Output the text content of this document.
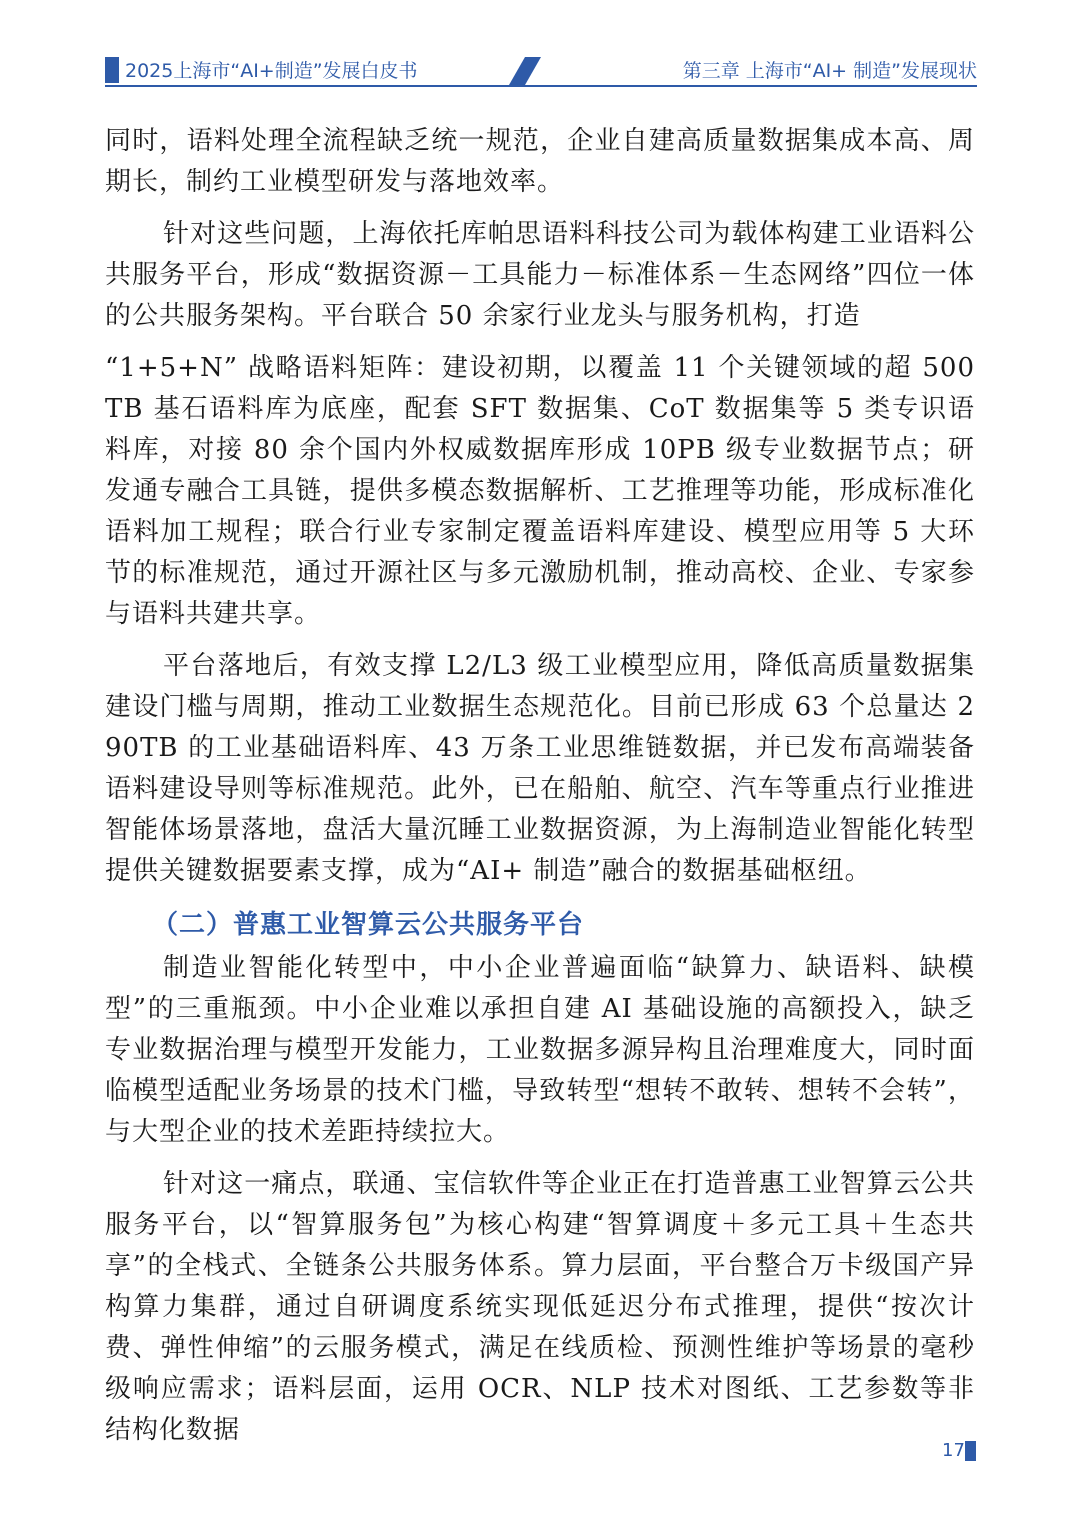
2025上海市“AI+制造”发展白皮书	第三章 上海市“AI+ 制造”发展现状

同时，语料处理全流程缺乏统一规范，企业自建高质量数据集成本高、周期长，制约工业模型研发与落地效率。

针对这些问题，上海依托库帕思语料科技公司为载体构建工业语料公共服务平台，形成“数据资源－工具能力－标准体系－生态网络”四位一体的公共服务架构。平台联合 50 余家行业龙头与服务机构，打造

“1+5+N” 战略语料矩阵：建设初期，以覆盖 11 个关键领域的超 500TB 基石语料库为底座，配套 SFT 数据集、CoT 数据集等 5 类专识语料库，对接 80 余个国内外权威数据库形成 10PB 级专业数据节点；研发通专融合工具链，提供多模态数据解析、工艺推理等功能，形成标准化语料加工规程；联合行业专家制定覆盖语料库建设、模型应用等 5 大环节的标准规范，通过开源社区与多元激励机制，推动高校、企业、专家参与语料共建共享。

平台落地后，有效支撑 L2/L3 级工业模型应用，降低高质量数据集建设门槛与周期，推动工业数据生态规范化。目前已形成 63 个总量达 290TB 的工业基础语料库、43 万条工业思维链数据，并已发布高端装备语料建设导则等标准规范。此外，已在船舶、航空、汽车等重点行业推进智能体场景落地，盘活大量沉睡工业数据资源，为上海制造业智能化转型提供关键数据要素支撑，成为“AI+ 制造”融合的数据基础枢纽。

（二）普惠工业智算云公共服务平台

制造业智能化转型中，中小企业普遍面临“缺算力、缺语料、缺模型”的三重瓶颈。中小企业难以承担自建 AI 基础设施的高额投入，缺乏专业数据治理与模型开发能力，工业数据多源异构且治理难度大，同时面临模型适配业务场景的技术门槛，导致转型“想转不敢转、想转不会转”，与大型企业的技术差距持续拉大。

针对这一痛点，联通、宝信软件等企业正在打造普惠工业智算云公共服务平台，以“智算服务包”为核心构建“智算调度＋多元工具＋生态共享”的全栈式、全链条公共服务体系。算力层面，平台整合万卡级国产异构算力集群，通过自研调度系统实现低延迟分布式推理，提供“按次计费、弹性伸缩”的云服务模式，满足在线质检、预测性维护等场景的毫秒级响应需求；语料层面，运用 OCR、NLP 技术对图纸、工艺参数等非结构化数据

17
